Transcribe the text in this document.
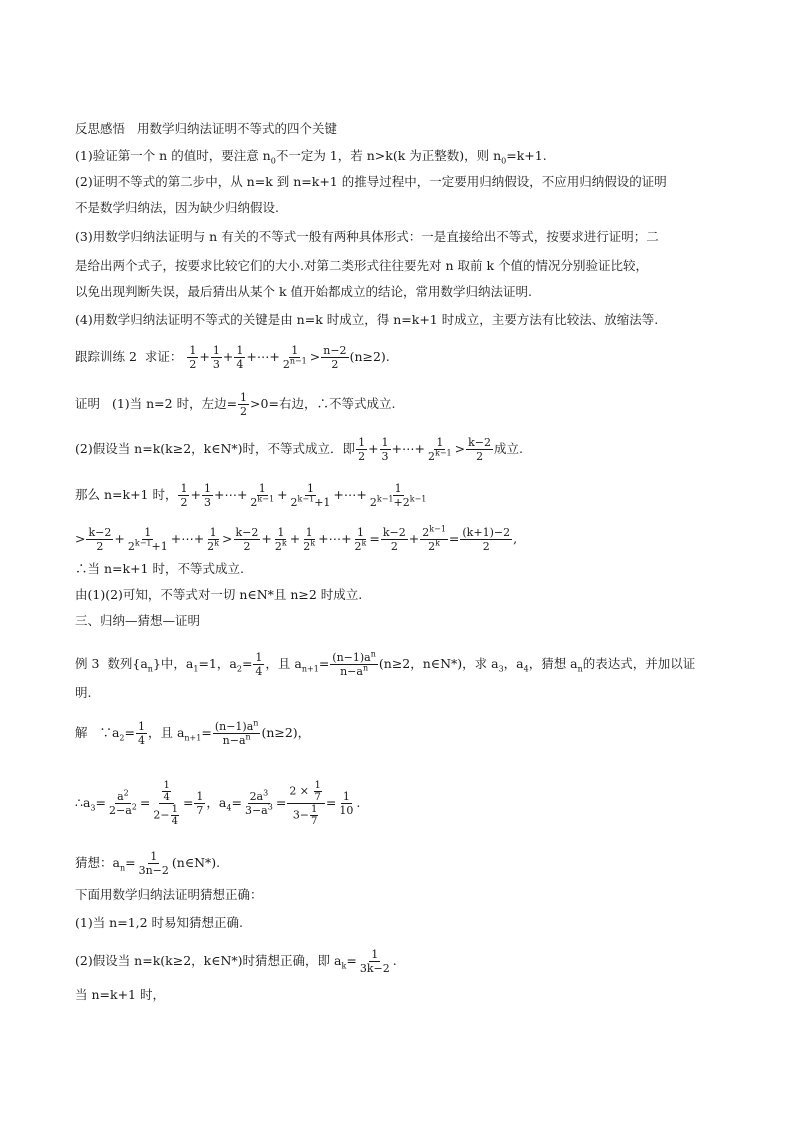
反思感悟 用数学归纳法证明不等式的四个关键
(1)验证第一个 n 的值时，要注意 $n_0$不一定为 1，若 n>k(k 为正整数)，则 $n_0=k+1$.
(2)证明不等式的第二步中，从 n=k 到 n=k+1 的推导过程中，一定要用归纳假设，不应用归纳假设的证明
不是数学归纳法，因为缺少归纳假设.
(3)用数学归纳法证明与 n 有关的不等式一般有两种具体形式：一是直接给出不等式，按要求进行证明；二
是给出两个式子，按要求比较它们的大小.对第二类形式往往要先对 n 取前 k 个值的情况分别验证比较，
以免出现判断失误，最后猜出从某个 k 值开始都成立的结论，常用数学归纳法证明.
(4)用数学归纳法证明不等式的关键是由 n=k 时成立，得 n=k+1 时成立，主要方法有比较法、放缩法等.
跟踪训练 2 求证： $\frac{1}{2} + \frac{1}{3} + \frac{1}{4}$ +⋯+ $\frac{1}{2^{n-1}} > \frac{n-2}{2} (n\ge 2)$.
证明 (1)当 n=2 时，左边= $\frac{1}{2} >0=$右边，∴不等式成立.
(2)假设当 n=k(k≥2，k∈N*)时，不等式成立．即 $\frac{1}{2} + \frac{1}{3}$ +⋯+ $\frac{1}{2^{k-1}} > \frac{k-2}{2}$ 成立.
那么 n=k+1 时， $\frac{1}{2} + \frac{1}{3}$ +⋯+ $\frac{1}{2^{k-1}} + \frac{1}{2^{k-1}+1}$ +⋯+ $\frac{1}{2^{k-1}+2^{k-1}}$
> $\frac{k-2}{2} + \frac{1}{2^{k-1}+1}$ +⋯+ $\frac{1}{2^k} > \frac{k-2}{2} + \frac{1}{2^k} + \frac{1}{2^k}$ +⋯+ $\frac{1}{2^k} = \frac{k-2}{2} + \frac{2^{k-1}}{2^k} = \frac{(k+1)-2}{2}$ ,
∴当 n=k+1 时，不等式成立.
由(1)(2)可知，不等式对一切 n∈N*且 n≥2 时成立.
三、归纳—猜想—证明
例 3 数列$\{a_n\}$中，$a_1=1$，$a_2= \frac{1}{4}$ ，且 $a_{n+1}= \frac{(n-1)a^n}{n-a^n} (n\ge 2$，n∈N*)，求 $a_3$，$a_4$，猜想 $a_n$的表达式，并加以证
明.
解 $\because a_2= \frac{1}{4}$ ，且 $a_{n+1}= \frac{(n-1)a^n}{n-a^n} (n\ge 2)$，
$\therefore a_3= \frac{a^2}{2-a^2} = \frac{\frac{1}{4}}{2- \frac{1}{4}} = \frac{1}{7}$ ，$a_4= \frac{2a^3}{3-a^3} = \frac{2 \times \frac{1}{7}}{3- \frac{1}{7}} = \frac{1}{10}$ .
猜想：$a_n= \frac{1}{3n-2}$ (n∈N*).
下面用数学归纳法证明猜想正确：
(1)当 n=1,2 时易知猜想正确.
(2)假设当 n=k(k≥2，k∈N*)时猜想正确，即 $a_k= \frac{1}{3k-2}$ .
当 n=k+1 时，
